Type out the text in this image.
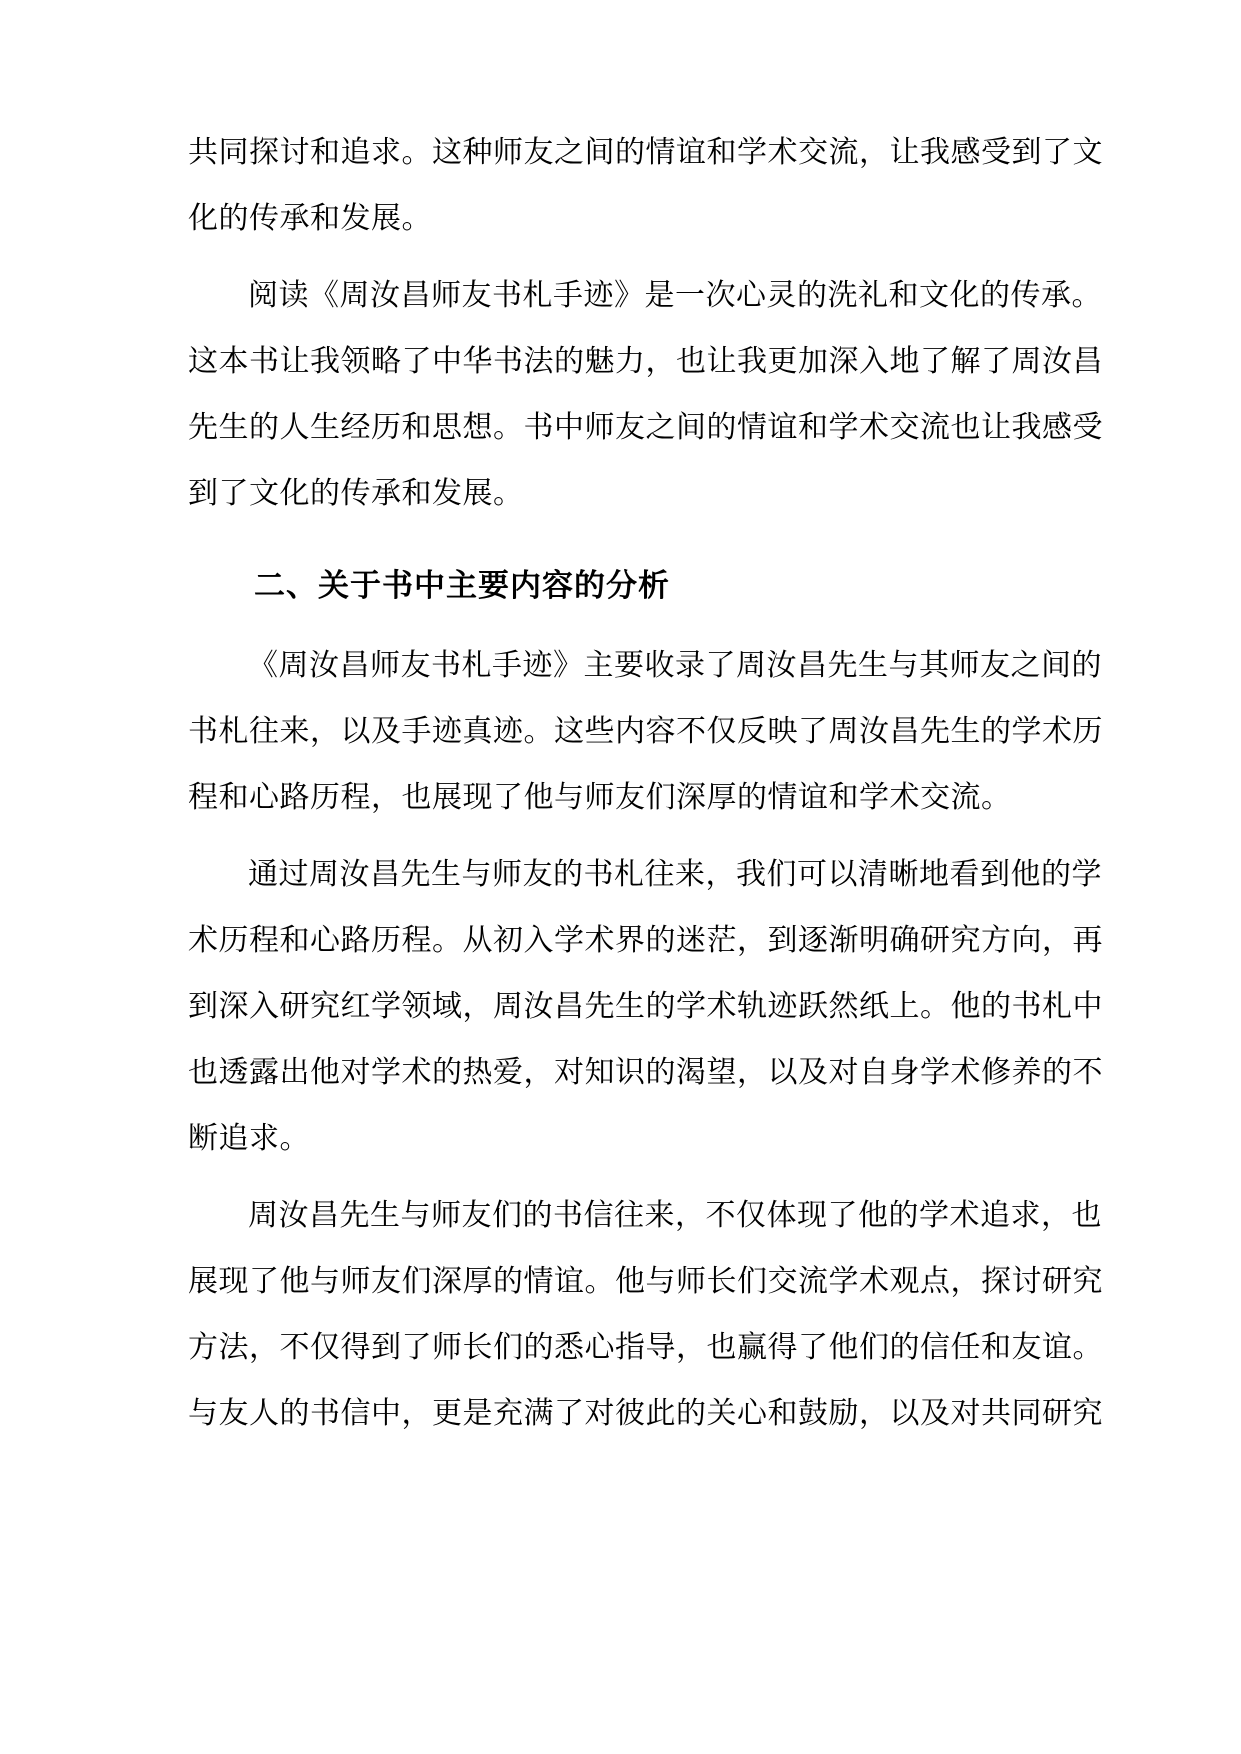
共同探讨和追求。这种师友之间的情谊和学术交流，让我感受到了文
化的传承和发展。
阅读《周汝昌师友书札手迹》是一次心灵的洗礼和文化的传承。
这本书让我领略了中华书法的魅力，也让我更加深入地了解了周汝昌
先生的人生经历和思想。书中师友之间的情谊和学术交流也让我感受
到了文化的传承和发展。
二、关于书中主要内容的分析
《周汝昌师友书札手迹》主要收录了周汝昌先生与其师友之间的
书札往来，以及手迹真迹。这些内容不仅反映了周汝昌先生的学术历
程和心路历程，也展现了他与师友们深厚的情谊和学术交流。
通过周汝昌先生与师友的书札往来，我们可以清晰地看到他的学
术历程和心路历程。从初入学术界的迷茫，到逐渐明确研究方向，再
到深入研究红学领域，周汝昌先生的学术轨迹跃然纸上。他的书札中
也透露出他对学术的热爱，对知识的渴望，以及对自身学术修养的不
断追求。
周汝昌先生与师友们的书信往来，不仅体现了他的学术追求，也
展现了他与师友们深厚的情谊。他与师长们交流学术观点，探讨研究
方法，不仅得到了师长们的悉心指导，也赢得了他们的信任和友谊。
与友人的书信中，更是充满了对彼此的关心和鼓励，以及对共同研究
